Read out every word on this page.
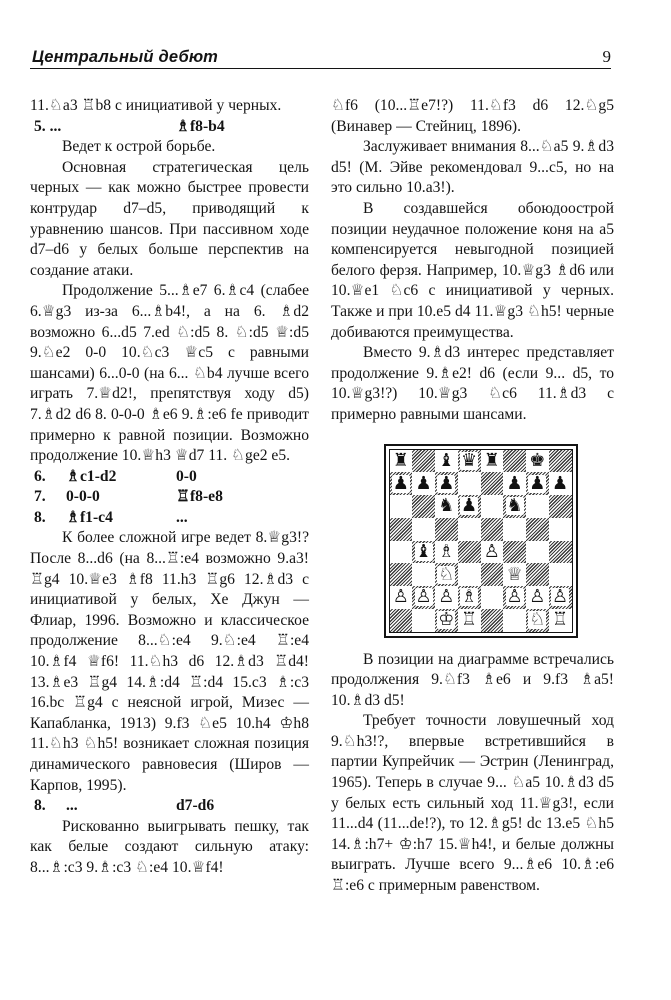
Центральный дебют	9

11.♘a3 ♖b8 с инициативой у черных.

5. ...	♗f8-b4

Ведет к острой борьбе.

Основная стратегическая цель черных — как можно быстрее провести контрудар d7–d5, приводящий к уравнению шансов. При пассивном ходе d7–d6 у белых больше перспектив на создание атаки.

Продолжение 5...♗e7 6.♗c4 (слабее 6.♕g3 из-за 6...♗b4!, а на 6. ♗d2 возможно 6...d5 7.ed ♘:d5 8. ♘:d5 ♕:d5 9.♘e2 0-0 10.♘c3 ♕c5 с равными шансами) 6...0-0 (на 6... ♘b4 лучше всего играть 7.♕d2!, препятствуя ходу d5) 7.♗d2 d6 8. 0-0-0 ♗e6 9.♗:e6 fe приводит примерно к равной позиции. Возможно продолжение 10.♕h3 ♕d7 11. ♘ge2 e5.

6.	♗c1-d2	0-0
7.	0-0-0	♖f8-e8
8.	♗f1-c4	...

К более сложной игре ведет 8.♕g3!? После 8...d6 (на 8...♖:e4 возможно 9.a3! ♖g4 10.♕e3 ♗f8 11.h3 ♖g6 12.♗d3 с инициативой у белых, Хе Джун — Флиар, 1996. Возможно и классическое продолжение 8...♘:e4 9.♘:e4 ♖:e4 10.♗f4 ♕f6! 11.♘h3 d6 12.♗d3 ♖d4! 13.♗e3 ♖g4 14.♗:d4 ♖:d4 15.c3 ♗:c3 16.bc ♖g4 с неясной игрой, Мизес — Капабланка, 1913) 9.f3 ♘e5 10.h4 ♔h8 11.♘h3 ♘h5! возникает сложная позиция динамического равновесия (Широв — Карпов, 1995).

8.	...	d7-d6

Рискованно выигрывать пешку, так как белые создают сильную атаку: 8...♗:c3 9.♗:c3 ♘:e4 10.♕f4!

♘f6 (10...♖e7!?) 11.♘f3 d6 12.♘g5 (Винавер — Стейниц, 1896).

Заслуживает внимания 8...♘a5 9.♗d3 d5! (М. Эйве рекомендовал 9...c5, но на это сильно 10.a3!).

В создавшейся обоюдоострой позиции неудачное положение коня на a5 компенсируется невыгодной позицией белого ферзя. Например, 10.♕g3 ♗d6 или 10.♕e1 ♘c6 с инициативой у черных. Также и при 10.e5 d4 11.♕g3 ♘h5! черные добиваются преимущества.

Вместо 9.♗d3 интерес представляет продолжение 9.♗e2! d6 (если 9... d5, то 10.♕g3!?) 10.♕g3 ♘c6 11.♗d3 с примерно равными шансами.

♜ ♝ ♛ ♜ ♚
♟ ♟ ♟	♟ ♟ ♟
♞ ♟ ♞
♝ ♗ ♙
♘	♕
♙ ♙ ♙ ♗ ♙ ♙ ♙
♔ ♖	♘ ♖

В позиции на диаграмме встречались продолжения 9.♘f3 ♗e6 и 9.f3 ♗a5! 10.♗d3 d5!

Требует точности ловушечный ход 9.♘h3!?, впервые встретившийся в партии Купрейчик — Эстрин (Ленинград, 1965). Теперь в случае 9... ♘a5 10.♗d3 d5 у белых есть сильный ход 11.♕g3!, если 11...d4 (11...de!?), то 12.♗g5! dc 13.e5 ♘h5 14.♗:h7+ ♔:h7 15.♕h4!, и белые должны выиграть. Лучше всего 9...♗e6 10.♗:e6 ♖:e6 с примерным равенством.
